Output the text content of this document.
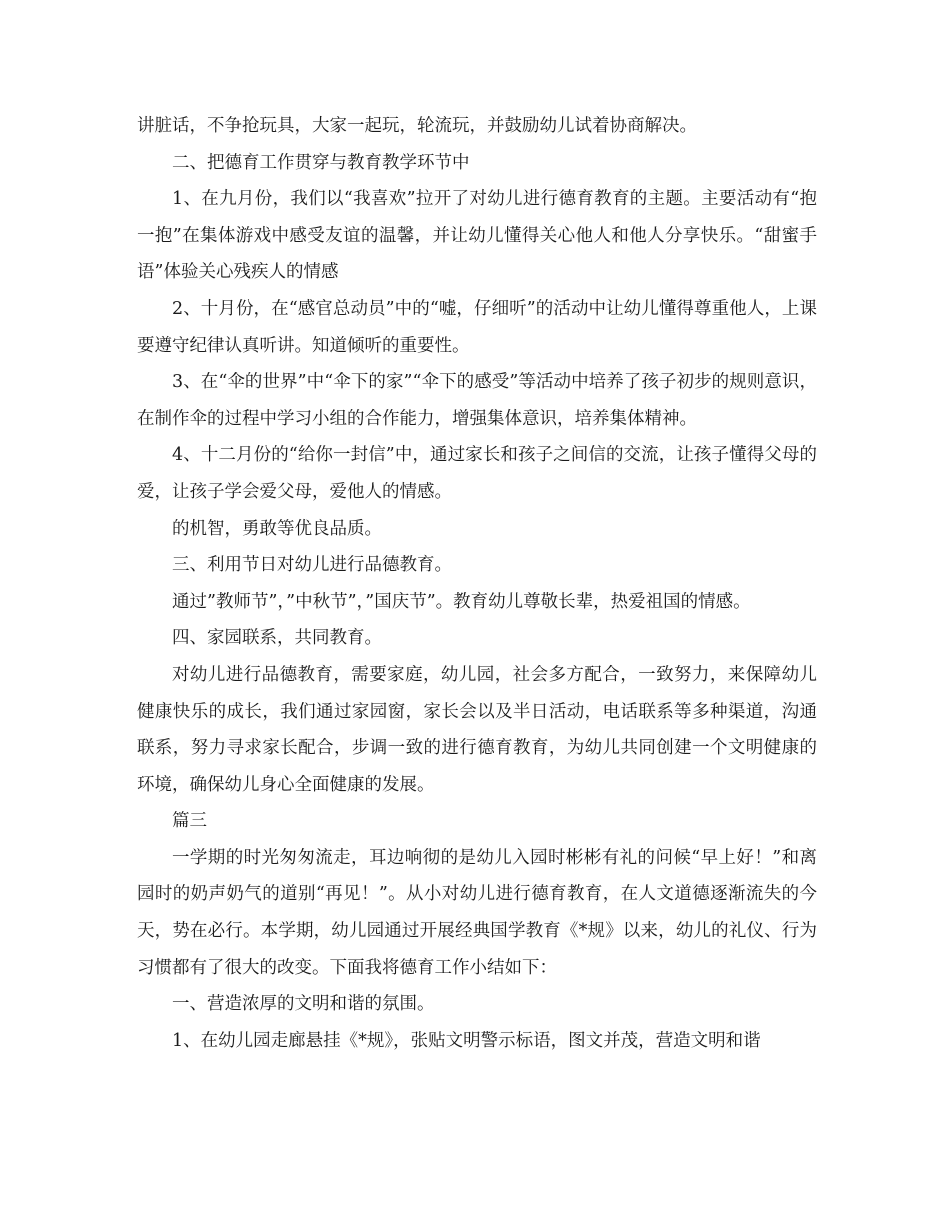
讲脏话，不争抢玩具，大家一起玩，轮流玩，并鼓励幼儿试着协商解决。

二、把德育工作贯穿与教育教学环节中

1、在九月份，我们以“我喜欢”拉开了对幼儿进行德育教育的主题。主要活动有“抱一抱”在集体游戏中感受友谊的温馨，并让幼儿懂得关心他人和他人分享快乐。“甜蜜手语”体验关心残疾人的情感

2、十月份，在“感官总动员”中的“嘘，仔细听”的活动中让幼儿懂得尊重他人，上课要遵守纪律认真听讲。知道倾听的重要性。

3、在“伞的世界”中“伞下的家”“伞下的感受”等活动中培养了孩子初步的规则意识，在制作伞的过程中学习小组的合作能力，增强集体意识，培养集体精神。

4、十二月份的“给你一封信”中，通过家长和孩子之间信的交流，让孩子懂得父母的爱，让孩子学会爱父母，爱他人的情感。

的机智，勇敢等优良品质。

三、利用节日对幼儿进行品德教育。

通过”教师节”，”中秋节”，”国庆节”。教育幼儿尊敬长辈，热爱祖国的情感。

四、家园联系，共同教育。

对幼儿进行品德教育，需要家庭，幼儿园，社会多方配合，一致努力，来保障幼儿健康快乐的成长，我们通过家园窗，家长会以及半日活动，电话联系等多种渠道，沟通联系，努力寻求家长配合，步调一致的进行德育教育，为幼儿共同创建一个文明健康的环境，确保幼儿身心全面健康的发展。

篇三

一学期的时光匆匆流走，耳边响彻的是幼儿入园时彬彬有礼的问候“早上好！”和离园时的奶声奶气的道别“再见！”。从小对幼儿进行德育教育，在人文道德逐渐流失的今天，势在必行。本学期，幼儿园通过开展经典国学教育《*规》以来，幼儿的礼仪、行为习惯都有了很大的改变。下面我将德育工作小结如下：

一、营造浓厚的文明和谐的氛围。

1、在幼儿园走廊悬挂《*规》，张贴文明警示标语，图文并茂，营造文明和谐
